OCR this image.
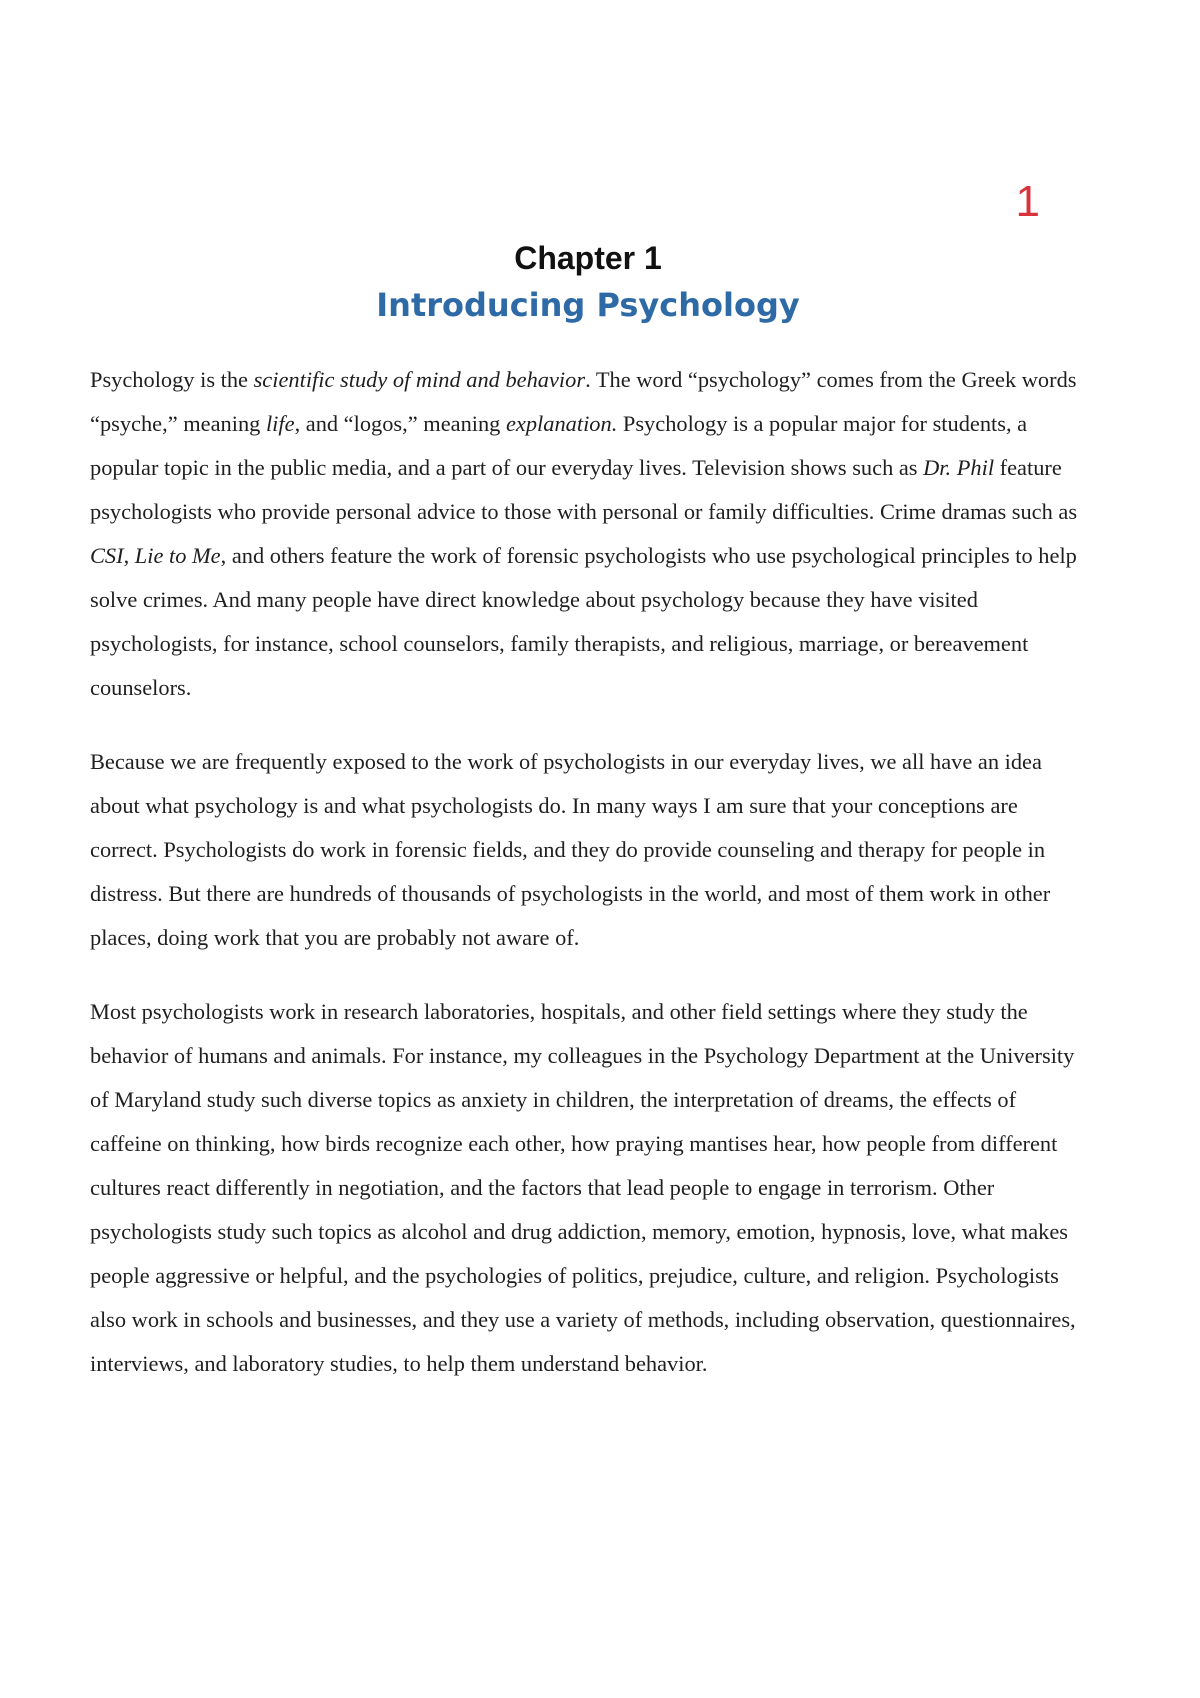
1
Chapter 1
Introducing Psychology

Psychology is the scientific study of mind and behavior. The word “psychology” comes from the Greek words “psyche,” meaning life, and “logos,” meaning explanation. Psychology is a popular major for students, a popular topic in the public media, and a part of our everyday lives. Television shows such as Dr. Phil feature psychologists who provide personal advice to those with personal or family difficulties. Crime dramas such as CSI, Lie to Me, and others feature the work of forensic psychologists who use psychological principles to help solve crimes. And many people have direct knowledge about psychology because they have visited psychologists, for instance, school counselors, family therapists, and religious, marriage, or bereavement counselors.

Because we are frequently exposed to the work of psychologists in our everyday lives, we all have an idea about what psychology is and what psychologists do. In many ways I am sure that your conceptions are correct. Psychologists do work in forensic fields, and they do provide counseling and therapy for people in distress. But there are hundreds of thousands of psychologists in the world, and most of them work in other places, doing work that you are probably not aware of.

Most psychologists work in research laboratories, hospitals, and other field settings where they study the behavior of humans and animals. For instance, my colleagues in the Psychology Department at the University of Maryland study such diverse topics as anxiety in children, the interpretation of dreams, the effects of caffeine on thinking, how birds recognize each other, how praying mantises hear, how people from different cultures react differently in negotiation, and the factors that lead people to engage in terrorism. Other psychologists study such topics as alcohol and drug addiction, memory, emotion, hypnosis, love, what makes people aggressive or helpful, and the psychologies of politics, prejudice, culture, and religion. Psychologists also work in schools and businesses, and they use a variety of methods, including observation, questionnaires, interviews, and laboratory studies, to help them understand behavior.
